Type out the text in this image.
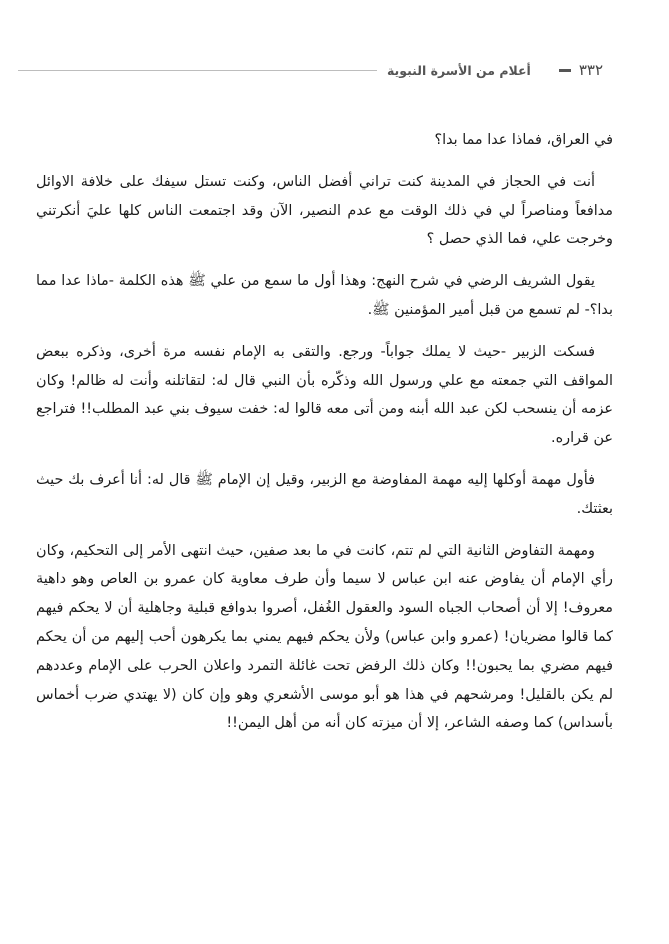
٣٣٢
أعلام من الأسرة النبوية

في العراق، فماذا عدا مما بدا؟

أنت في الحجاز في المدينة كنت تراني أفضل الناس، وكنت تستل سيفك على خلافة الاوائل مدافعاً ومناصراً لي في ذلك الوقت مع عدم النصير، الآن وقد اجتمعت الناس كلها عليَ أنكرتني وخرجت علي، فما الذي حصل ؟

يقول الشريف الرضي في شرح النهج: وهذا أول ما سمع من علي ﷺ هذه الكلمة -ماذا عدا مما بدا؟- لم تسمع من قبل أمير المؤمنين ﷺ.

فسكت الزبير -حيث لا يملك جواباً- ورجع. والتقى به الإمام نفسه مرة أخرى، وذكره ببعض المواقف التي جمعته مع علي ورسول الله وذكّره بأن النبي قال له: لتقاتلنه وأنت له ظالم! وكان عزمه أن ينسحب لكن عبد الله أبنه ومن أتى معه قالوا له: خفت سيوف بني عبد المطلب!! فتراجع عن قراره.

فأول مهمة أوكلها إليه مهمة المفاوضة مع الزبير، وقيل إن الإمام ﷺ قال له: أنا أعرف بك حيث بعثتك.

ومهمة التفاوض الثانية التي لم تتم، كانت في ما بعد صفين، حيث انتهى الأمر إلى التحكيم، وكان رأي الإمام أن يفاوض عنه ابن عباس لا سيما وأن طرف معاوية كان عمرو بن العاص وهو داهية معروف! إلا أن أصحاب الجباه السود والعقول الغُفل، أصروا بدوافع قبلية وجاهلية أن لا يحكم فيهم كما قالوا مضريان! (عمرو وابن عباس) ولأن يحكم فيهم يمني بما يكرهون أحب إليهم من أن يحكم فيهم مضري بما يحبون!! وكان ذلك الرفض تحت غائلة التمرد واعلان الحرب على الإمام وعددهم لم يكن بالقليل! ومرشحهم في هذا هو أبو موسى الأشعري وهو وإن كان (لا يهتدي ضرب أخماس بأسداس) كما وصفه الشاعر، إلا أن ميزته كان أنه من أهل اليمن!!
